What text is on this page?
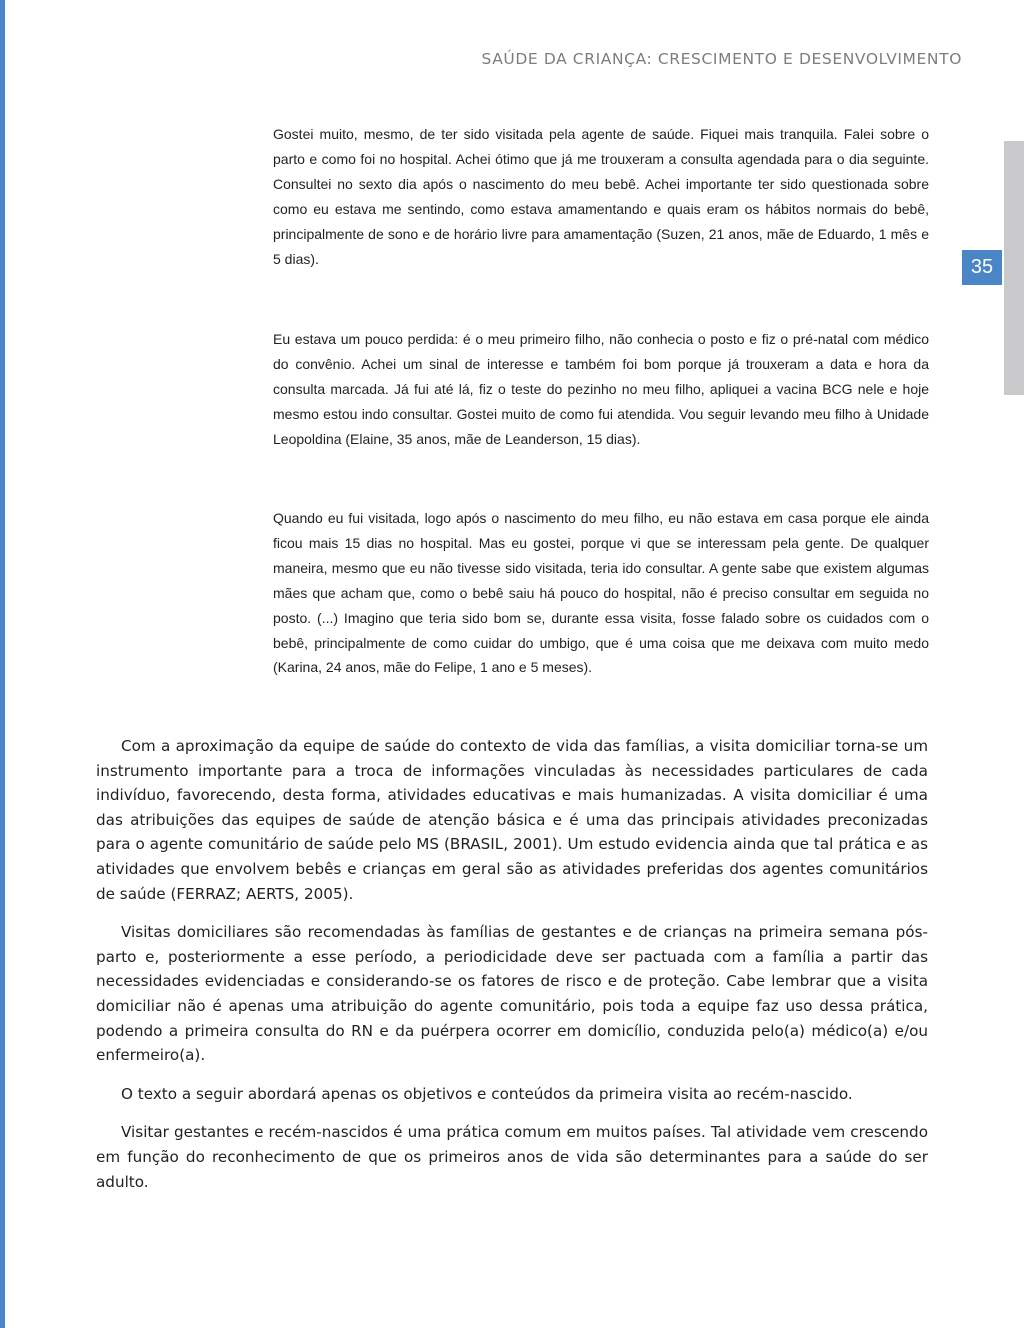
SAÚDE DA CRIANÇA: CRESCIMENTO E DESENVOLVIMENTO
35

Gostei muito, mesmo, de ter sido visitada pela agente de saúde. Fiquei mais tranquila. Falei sobre o parto e como foi no hospital. Achei ótimo que já me trouxeram a consulta agendada para o dia seguinte. Consultei no sexto dia após o nascimento do meu bebê. Achei importante ter sido questionada sobre como eu estava me sentindo, como estava amamentando e quais eram os hábitos normais do bebê, principalmente de sono e de horário livre para amamentação (Suzen, 21 anos, mãe de Eduardo, 1 mês e 5 dias).

Eu estava um pouco perdida: é o meu primeiro filho, não conhecia o posto e fiz o pré-natal com médico do convênio. Achei um sinal de interesse e também foi bom porque já trouxeram a data e hora da consulta marcada. Já fui até lá, fiz o teste do pezinho no meu filho, apliquei a vacina BCG nele e hoje mesmo estou indo consultar. Gostei muito de como fui atendida. Vou seguir levando meu filho à Unidade Leopoldina (Elaine, 35 anos, mãe de Leanderson, 15 dias).

Quando eu fui visitada, logo após o nascimento do meu filho, eu não estava em casa porque ele ainda ficou mais 15 dias no hospital. Mas eu gostei, porque vi que se interessam pela gente. De qualquer maneira, mesmo que eu não tivesse sido visitada, teria ido consultar. A gente sabe que existem algumas mães que acham que, como o bebê saiu há pouco do hospital, não é preciso consultar em seguida no posto. (...) Imagino que teria sido bom se, durante essa visita, fosse falado sobre os cuidados com o bebê, principalmente de como cuidar do umbigo, que é uma coisa que me deixava com muito medo (Karina, 24 anos, mãe do Felipe, 1 ano e 5 meses).

Com a aproximação da equipe de saúde do contexto de vida das famílias, a visita domiciliar torna-se um instrumento importante para a troca de informações vinculadas às necessidades particulares de cada indivíduo, favorecendo, desta forma, atividades educativas e mais humanizadas. A visita domiciliar é uma das atribuições das equipes de saúde de atenção básica e é uma das principais atividades preconizadas para o agente comunitário de saúde pelo MS (BRASIL, 2001). Um estudo evidencia ainda que tal prática e as atividades que envolvem bebês e crianças em geral são as atividades preferidas dos agentes comunitários de saúde (FERRAZ; AERTS, 2005).

Visitas domiciliares são recomendadas às famílias de gestantes e de crianças na primeira semana pós-parto e, posteriormente a esse período, a periodicidade deve ser pactuada com a família a partir das necessidades evidenciadas e considerando-se os fatores de risco e de proteção. Cabe lembrar que a visita domiciliar não é apenas uma atribuição do agente comunitário, pois toda a equipe faz uso dessa prática, podendo a primeira consulta do RN e da puérpera ocorrer em domicílio, conduzida pelo(a) médico(a) e/ou enfermeiro(a).

O texto a seguir abordará apenas os objetivos e conteúdos da primeira visita ao recém-nascido.

Visitar gestantes e recém-nascidos é uma prática comum em muitos países. Tal atividade vem crescendo em função do reconhecimento de que os primeiros anos de vida são determinantes para a saúde do ser adulto.
